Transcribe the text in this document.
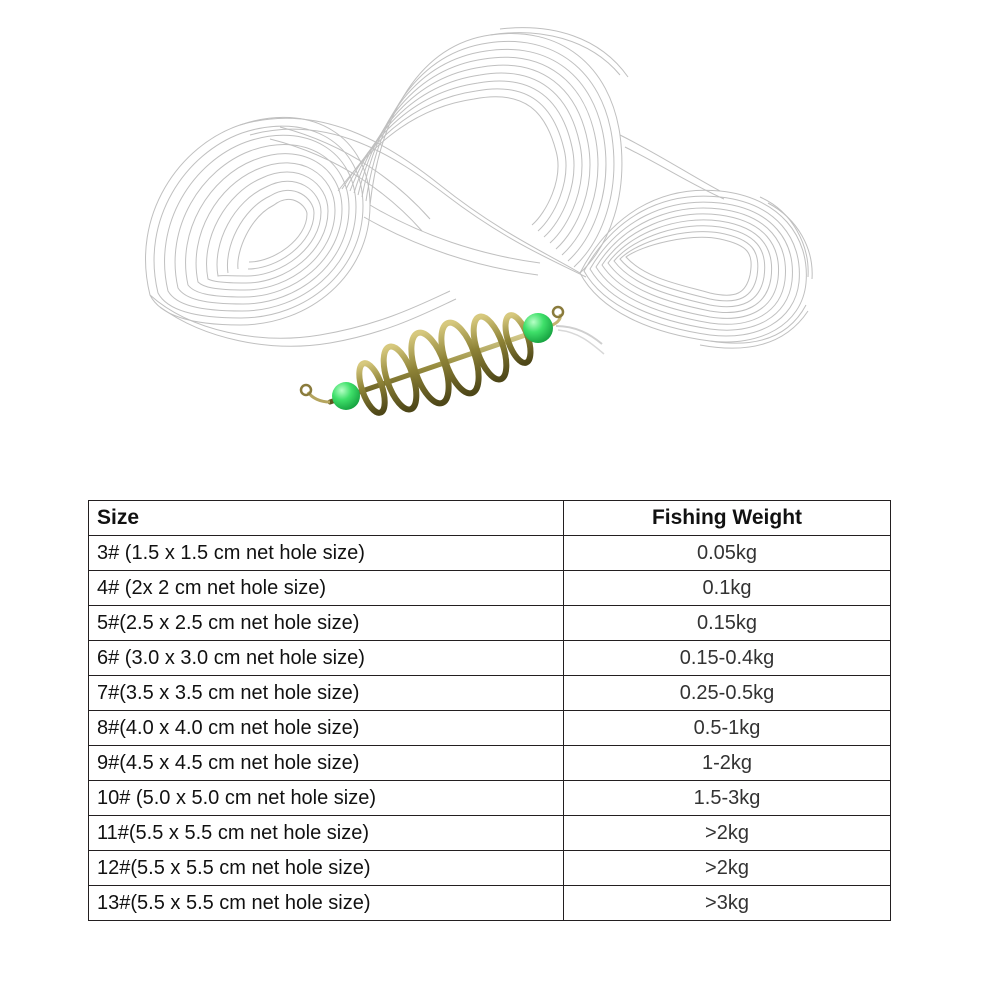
Size	Fishing Weight
3# (1.5 x 1.5 cm net hole size)	0.05kg
4# (2x 2 cm net hole size)	0.1kg
5#(2.5 x 2.5 cm net hole size)	0.15kg
6# (3.0 x 3.0 cm net hole size)	0.15-0.4kg
7#(3.5 x 3.5 cm net hole size)	0.25-0.5kg
8#(4.0 x 4.0 cm net hole size)	0.5-1kg
9#(4.5 x 4.5 cm net hole size)	1-2kg
10# (5.0 x 5.0 cm net hole size)	1.5-3kg
11#(5.5 x 5.5 cm net hole size)	>2kg
12#(5.5 x 5.5 cm net hole size)	>2kg
13#(5.5 x 5.5 cm net hole size)	>3kg
